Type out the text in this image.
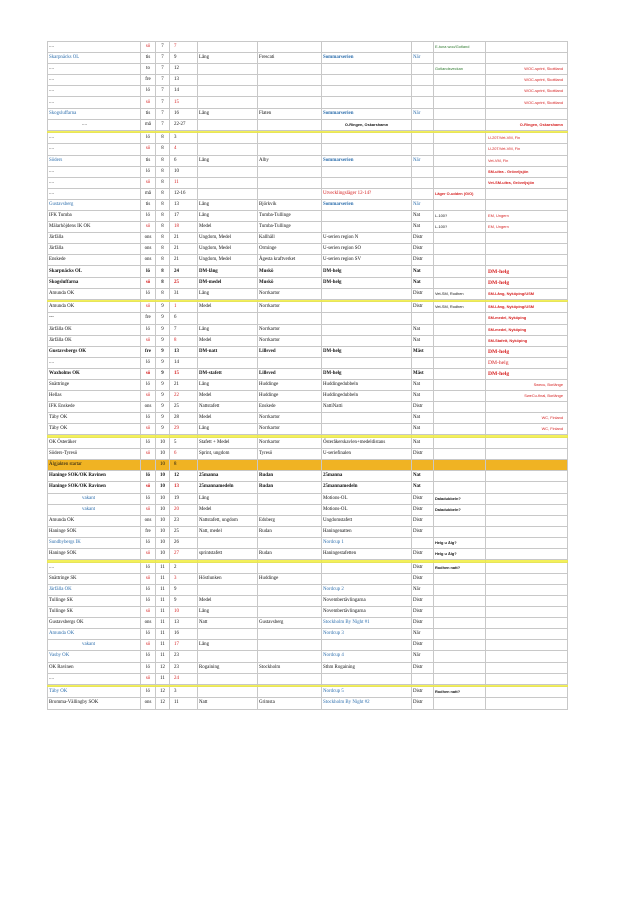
....	sö	7	7					E-tuna woo/Gotland	
Skarpnäcks OL	tis	7	9	Lång	Frescati	Sommarserien	När		
....	to	7	12					Gotlandsveckan	WOC-sprint, Skottland
....	fre	7	13						WOC-sprint, Skottland
....	lö	7	14						WOC-sprint, Skottland
....	sö	7	15						WOC-sprint, Skottland
Skogsluffarna	tis	7	16	Lång	Flaten	Sommarserien	När		
....	må	7	22-27			O-Ringen, Oskarshamn			O-Ringen, Oskarshamn

....	lö	8	3						U-20T/Vet-VM, Fin
....	sö	8	4						U-20T/Vet-VM, Fin
Söders	tis	8	6	Lång	Alby	Sommarserien	När		Vet-VM, Fin
....	lö	8	10						SM-ultra - Gröveljsjön
....	sö	8	11						Vet-SM-ultra, Gröveljsjön
....	må	8	12-16			Utvecklingsläger 12-14?		Läger O-udden (G/O)	
Gustavsberg	tis	8	13	Lång	Björkvik	Sommarserien	När		
IFK Tumba	lö	8	17	Lång	Tumba-Tullinge		Nat	L-100?	EM, Ungern
Mälarhöjdens IK OK	sö	8	18	Medel	Tumba-Tullinge		Nat	L-100?	EM, Ungern
Järfälla	ons	8	21	Ungdom, Medel	Kallhäll	U-serien region N	Distr		
Järfälla	ons	8	21	Ungdom, Medel	Orminge	U-serien region SO	Distr		
Enskede	ons	8	21	Ungdom, Medel	Ågesta kraftverket	U-serien region SV	Distr		
Skarpnäcks OL	lö	8	24	DM-lång	Muskö	DM-helg	Nat		DM-helg
Skogsluffarna	sö	8	25	DM-medel	Muskö	DM-helg	Nat		DM-helg
Amunda OK	lö	8	31	Lång	Norrkartor		Distr	Vet-SM, Rodhen	SM-Lång, Nyköping/USM

Amunda OK	sö	9	1	Medel	Norrkartor		Distr	Vet-SM, Rodhen	SM-Lång, Nyköping/USM
---	fre	9	6						SM-medel, Nyköping
Järfälla OK	lö	9	7	Lång	Norrkartor		Nat		SM-medel, Nyköping
Järfälla OK	sö	9	8	Medel	Norrkartor		Nat		SM-Stafett, Nyköping
Gustavsbergs OK	fre	9	13	DM-natt	Lillsved	DM-helg	Mäst		DM-helg
....	lö	9	14						DM-helg
Waxholms OK	sö	9	15	DM-stafett	Lillsved	DM-helg	Mäst		DM-helg
Snättringe	lö	9	21	Lång	Huddinge	Huddingedubbeln	Nat		Swecu, Borlänge
Hellas	sö	9	22	Medel	Huddinge	Huddingedubbeln	Nat		SweCu-final, Borlänge
IFK Enskede	ons	9	25	Nattstafett	Enskede	NattiNatti	Distr		
Täby OK	lö	9	28	Medel	Norrkartor		Nat		WC, Finland
Täby OK	sö	9	29	Lång	Norrkartor		Nat		WC, Finland

OK Österåker	lö	10	5	Stafett + Medel	Norrkartor	Österåkerskavlen+medeldistans	Nat		
Söders-Tyresö	sö	10	6	Sprint, ungdom	Tyresö	U-seriefinalen	Distr		
Älgjakten startar		10	8						
Haninge SOK/OK Ravinen	lö	10	12	25manna	Rudan	25manna	Nat		
Haninge SOK/OK Ravinen	sö	10	13	25mannamedeln	Rudan	25mannamedeln	Nat		
vakant	lö	10	19	Lång		Motions-OL	Distr	Daladubbeln?	
vakant	sö	10	20	Medel		Motions-OL	Distr	Daladubbeln?	
Amunda OK	ons	10	23	Nattstafett, ungdom	Edsberg	Ungdomstafett	Distr		
Haninge SOK	fre	10	25	Natt, medel	Rudan	Haningenatten	Distr		
Sundbybergs IK	lö	10	26			Nordcup 1		Helg u Älg?	
Haninge SOK	sö	10	27	sprintstafett	Rudan	Haningestafetten	Distr	Helg u Älg?	

....	lö	11	2				Distr	Rodhen natt?	
Snättringe SK	sö	11	3	Höstlunken	Huddinge		Distr		
Järfälla OK	lö	11	9			Nordcup 2	När		
Tullinge SK	lö	11	9	Medel		Novembertävlingarna	Distr		
Tullinge SK	sö	11	10	Lång		Novembertävlingarna	Distr		
Gustavsbergs OK	ons	11	13	Natt	Gustavsberg	Stockholm By Night #1	Distr		
Amunda OK	lö	11	16			Nordcup 3	När		
vakant	sö	11	17	Lång			Distr		
Vasby OK	lö	11	23			Nordcup 4	När		
OK Ravinen	lö	12	23	Rogaining	Stockholm	Sthm Rogaining	Distr		
....	sö	11	24						

Täby OK	lö	12	3			Nordcup 5	Distr	Rodhen natt?	
Bromma-Vällingby SOK	ons	12	11	Natt	Grimsta	Stockholm By Night #2	Distr		
